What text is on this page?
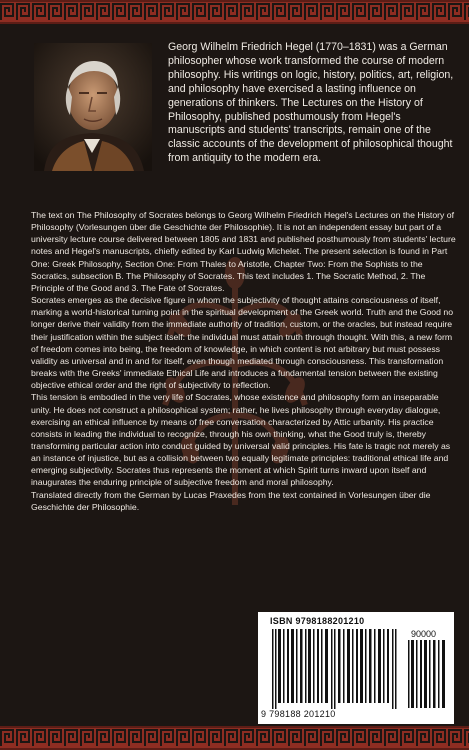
Georg Wilhelm Friedrich Hegel (1770–1831) was a German philosopher whose work transformed the course of modern philosophy. His writings on logic, history, politics, art, religion, and philosophy have exercised a lasting influence on generations of thinkers. The Lectures on the History of Philosophy, published posthumously from Hegel's manuscripts and students' transcripts, remain one of the classic accounts of the development of philosophical thought from antiquity to the modern era.

The text on The Philosophy of Socrates belongs to Georg Wilhelm Friedrich Hegel's Lectures on the History of Philosophy (Vorlesungen über die Geschichte der Philosophie). It is not an independent essay but part of a university lecture course delivered between 1805 and 1831 and published posthumously from students' lecture notes and Hegel's manuscripts, chiefly edited by Karl Ludwig Michelet. The present selection is found in Part One: Greek Philosophy, Section One: From Thales to Aristotle, Chapter Two: From the Sophists to the Socratics, subsection B. The Philosophy of Socrates. This text includes 1. The Socratic Method, 2. The Principle of the Good and 3. The Fate of Socrates.

Socrates emerges as the decisive figure in whom the subjectivity of thought attains consciousness of itself, marking a world-historical turning point in the spiritual development of the Greek world. Truth and the Good no longer derive their validity from the immediate authority of tradition, custom, or the oracles, but instead require their justification within the subject itself: the individual must attain truth through thought. With this, a new form of freedom comes into being, the freedom of knowledge, in which content is not arbitrary but must possess validity as universal and in and for itself, even though mediated through consciousness. This transformation breaks with the Greeks' immediate Ethical Life and introduces a fundamental tension between the existing objective ethical order and the right of subjectivity to reflection.

This tension is embodied in the very life of Socrates, whose existence and philosophy form an inseparable unity. He does not construct a philosophical system; rather, he lives philosophy through everyday dialogue, exercising an ethical influence by means of free conversation characterized by Attic urbanity. His practice consists in leading the individual to recognize, through his own thinking, what the Good truly is, thereby transforming particular action into conduct guided by universal valid principles. His fate is tragic not merely as an instance of injustice, but as a collision between two equally legitimate principles: traditional ethical life and emerging subjectivity. Socrates thus represents the moment at which Spirit turns inward upon itself and inaugurates the enduring principle of subjective freedom and moral philosophy.

Translated directly from the German by Lucas Praxedes from the text contained in Vorlesungen über die Geschichte der Philosophie.

ISBN 9798188201210
90000
9 798188 201210
